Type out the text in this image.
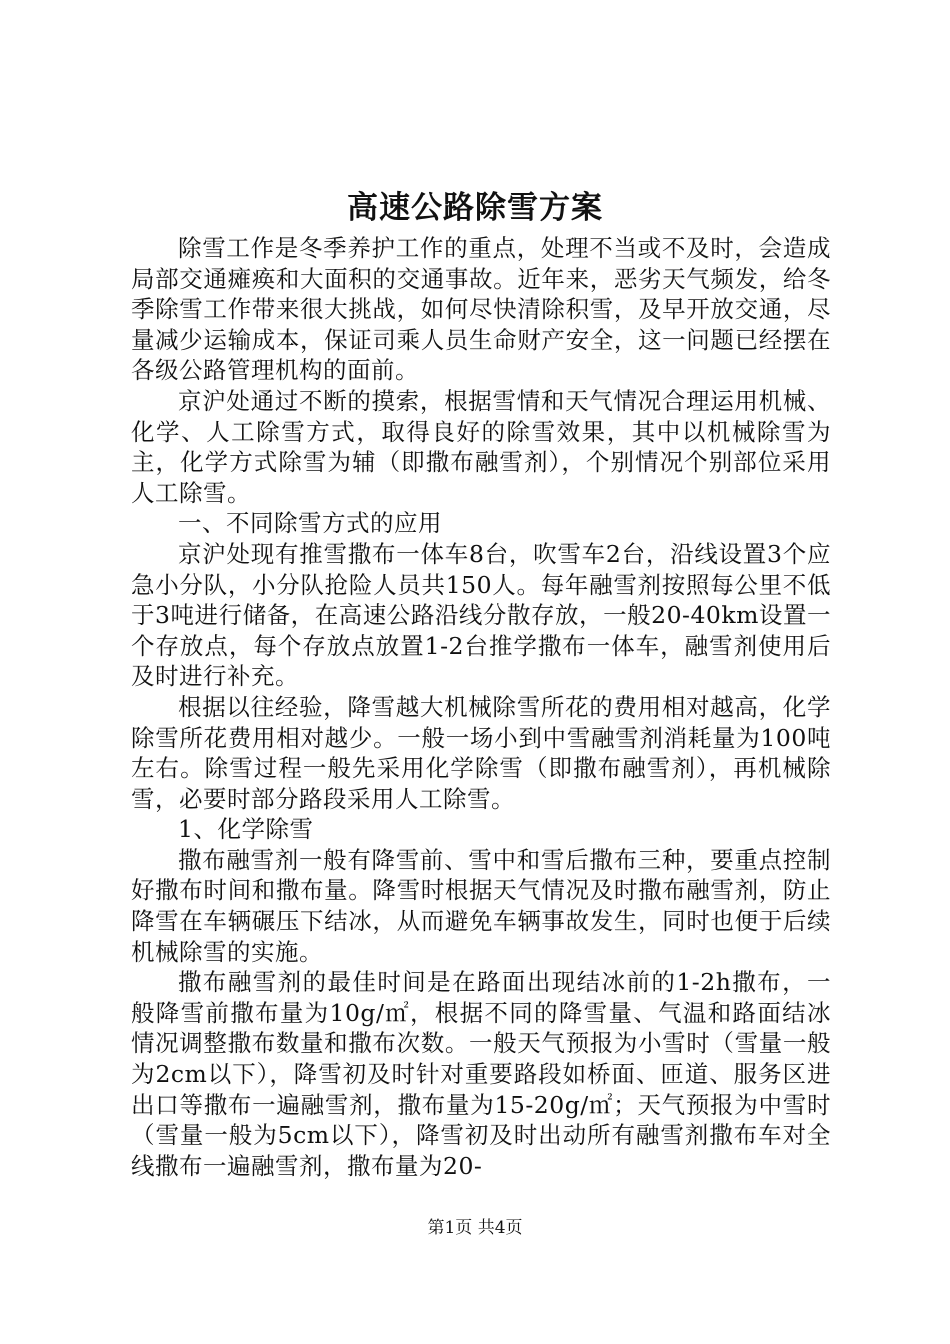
高速公路除雪方案

除雪工作是冬季养护工作的重点，处理不当或不及时，会造成局部交通瘫痪和大面积的交通事故。近年来，恶劣天气频发，给冬季除雪工作带来很大挑战，如何尽快清除积雪，及早开放交通，尽量减少运输成本，保证司乘人员生命财产安全，这一问题已经摆在各级公路管理机构的面前。

京沪处通过不断的摸索，根据雪情和天气情况合理运用机械、化学、人工除雪方式，取得良好的除雪效果，其中以机械除雪为主，化学方式除雪为辅（即撒布融雪剂），个别情况个别部位采用人工除雪。

一、不同除雪方式的应用

京沪处现有推雪撒布一体车8台，吹雪车2台，沿线设置3个应急小分队，小分队抢险人员共150人。每年融雪剂按照每公里不低于3吨进行储备，在高速公路沿线分散存放，一般20-40km设置一个存放点，每个存放点放置1-2台推学撒布一体车，融雪剂使用后及时进行补充。

根据以往经验，降雪越大机械除雪所花的费用相对越高，化学除雪所花费用相对越少。一般一场小到中雪融雪剂消耗量为100吨左右。除雪过程一般先采用化学除雪（即撒布融雪剂），再机械除雪，必要时部分路段采用人工除雪。

1、化学除雪

撒布融雪剂一般有降雪前、雪中和雪后撒布三种，要重点控制好撒布时间和撒布量。降雪时根据天气情况及时撒布融雪剂，防止降雪在车辆碾压下结冰，从而避免车辆事故发生，同时也便于后续机械除雪的实施。

撒布融雪剂的最佳时间是在路面出现结冰前的1-2h撒布，一般降雪前撒布量为10g/㎡，根据不同的降雪量、气温和路面结冰情况调整撒布数量和撒布次数。一般天气预报为小雪时（雪量一般为2cm以下），降雪初及时针对重要路段如桥面、匝道、服务区进出口等撒布一遍融雪剂，撒布量为15-20g/㎡；天气预报为中雪时（雪量一般为5cm以下），降雪初及时出动所有融雪剂撒布车对全线撒布一遍融雪剂，撒布量为20-

第1页 共4页
